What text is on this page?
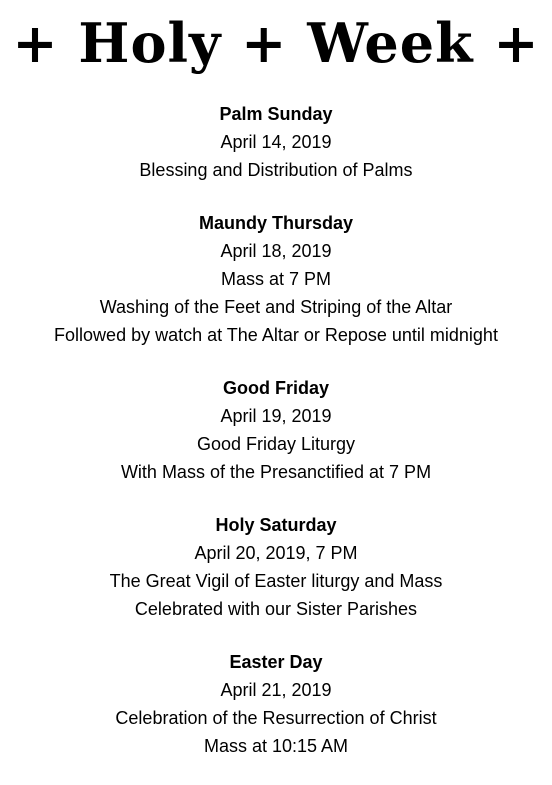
+ Holy + Week +
Palm Sunday
April 14, 2019
Blessing and Distribution of Palms
Maundy Thursday
April 18, 2019
Mass at 7 PM
Washing of the Feet and Striping of the Altar
Followed by watch at The Altar or Repose until midnight
Good Friday
April 19, 2019
Good Friday Liturgy
With Mass of the Presanctified at 7 PM
Holy Saturday
April 20, 2019, 7 PM
The Great Vigil of Easter liturgy and Mass
Celebrated with our Sister Parishes
Easter Day
April 21, 2019
Celebration of the Resurrection of Christ
Mass at 10:15 AM
